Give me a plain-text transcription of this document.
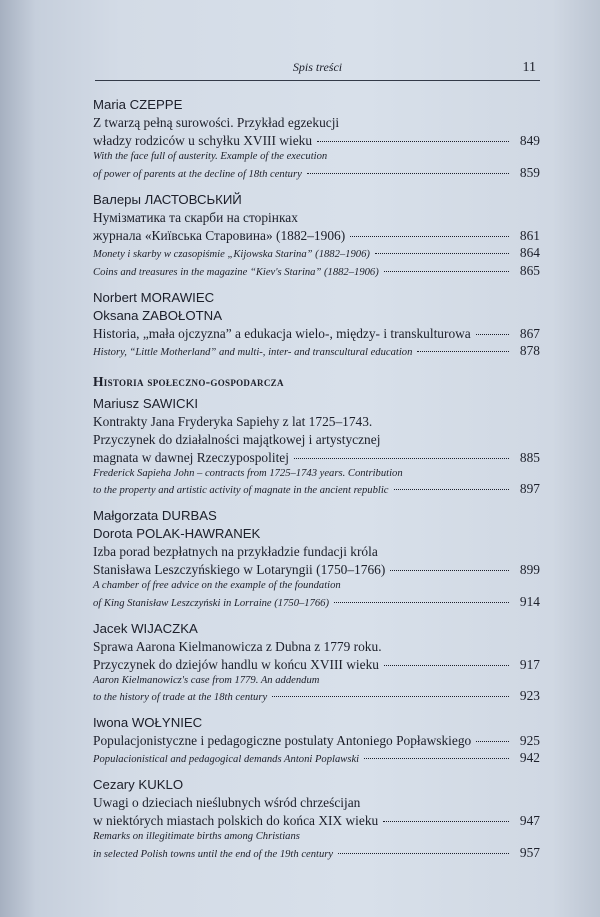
Spis treści	11
Maria CZEPPE
Z twarzą pełną surowości. Przykład egzekucji
władzy rodziców u schyłku XVIII wieku	849
With the face full of austerity. Example of the execution
of power of parents at the decline of 18th century	859
Валеры ЛАСТОВСЬКИЙ
Нумізматика та скарби на сторінках
журнала «Київська Старовина» (1882–1906)	861
Monety i skarby w czasopiśmie „Kijowska Starina” (1882–1906)	864
Coins and treasures in the magazine “Kiev's Starina” (1882–1906)	865
Norbert MORAWIEC
Oksana ZABOŁOTNA
Historia, „mała ojczyzna” a edukacja wielo-, między- i transkulturowa	867
History, “Little Motherland” and multi-, inter- and transcultural education	878
Historia społeczno-gospodarcza
Mariusz SAWICKI
Kontrakty Jana Fryderyka Sapiehy z lat 1725–1743.
Przyczynek do działalności majątkowej i artystycznej
magnata w dawnej Rzeczypospolitej	885
Frederick Sapieha John – contracts from 1725–1743 years. Contribution
to the property and artistic activity of magnate in the ancient republic	897
Małgorzata DURBAS
Dorota POLAK-HAWRANEK
Izba porad bezpłatnych na przykładzie fundacji króla
Stanisława Leszczyńskiego w Lotaryngii (1750–1766)	899
A chamber of free advice on the example of the foundation
of King Stanisław Leszczyński in Lorraine (1750–1766)	914
Jacek WIJACZKA
Sprawa Aarona Kielmanowicza z Dubna z 1779 roku.
Przyczynek do dziejów handlu w końcu XVIII wieku	917
Aaron Kielmanowicz's case from 1779. An addendum
to the history of trade at the 18th century	923
Iwona WOŁYNIEC
Populacjonistyczne i pedagogiczne postulaty Antoniego Popławskiego	925
Populacionistical and pedagogical demands Antoni Poplawski	942
Cezary KUKLO
Uwagi o dzieciach nieślubnych wśród chrześcijan
w niektórych miastach polskich do końca XIX wieku	947
Remarks on illegitimate births among Christians
in selected Polish towns until the end of the 19th century	957
